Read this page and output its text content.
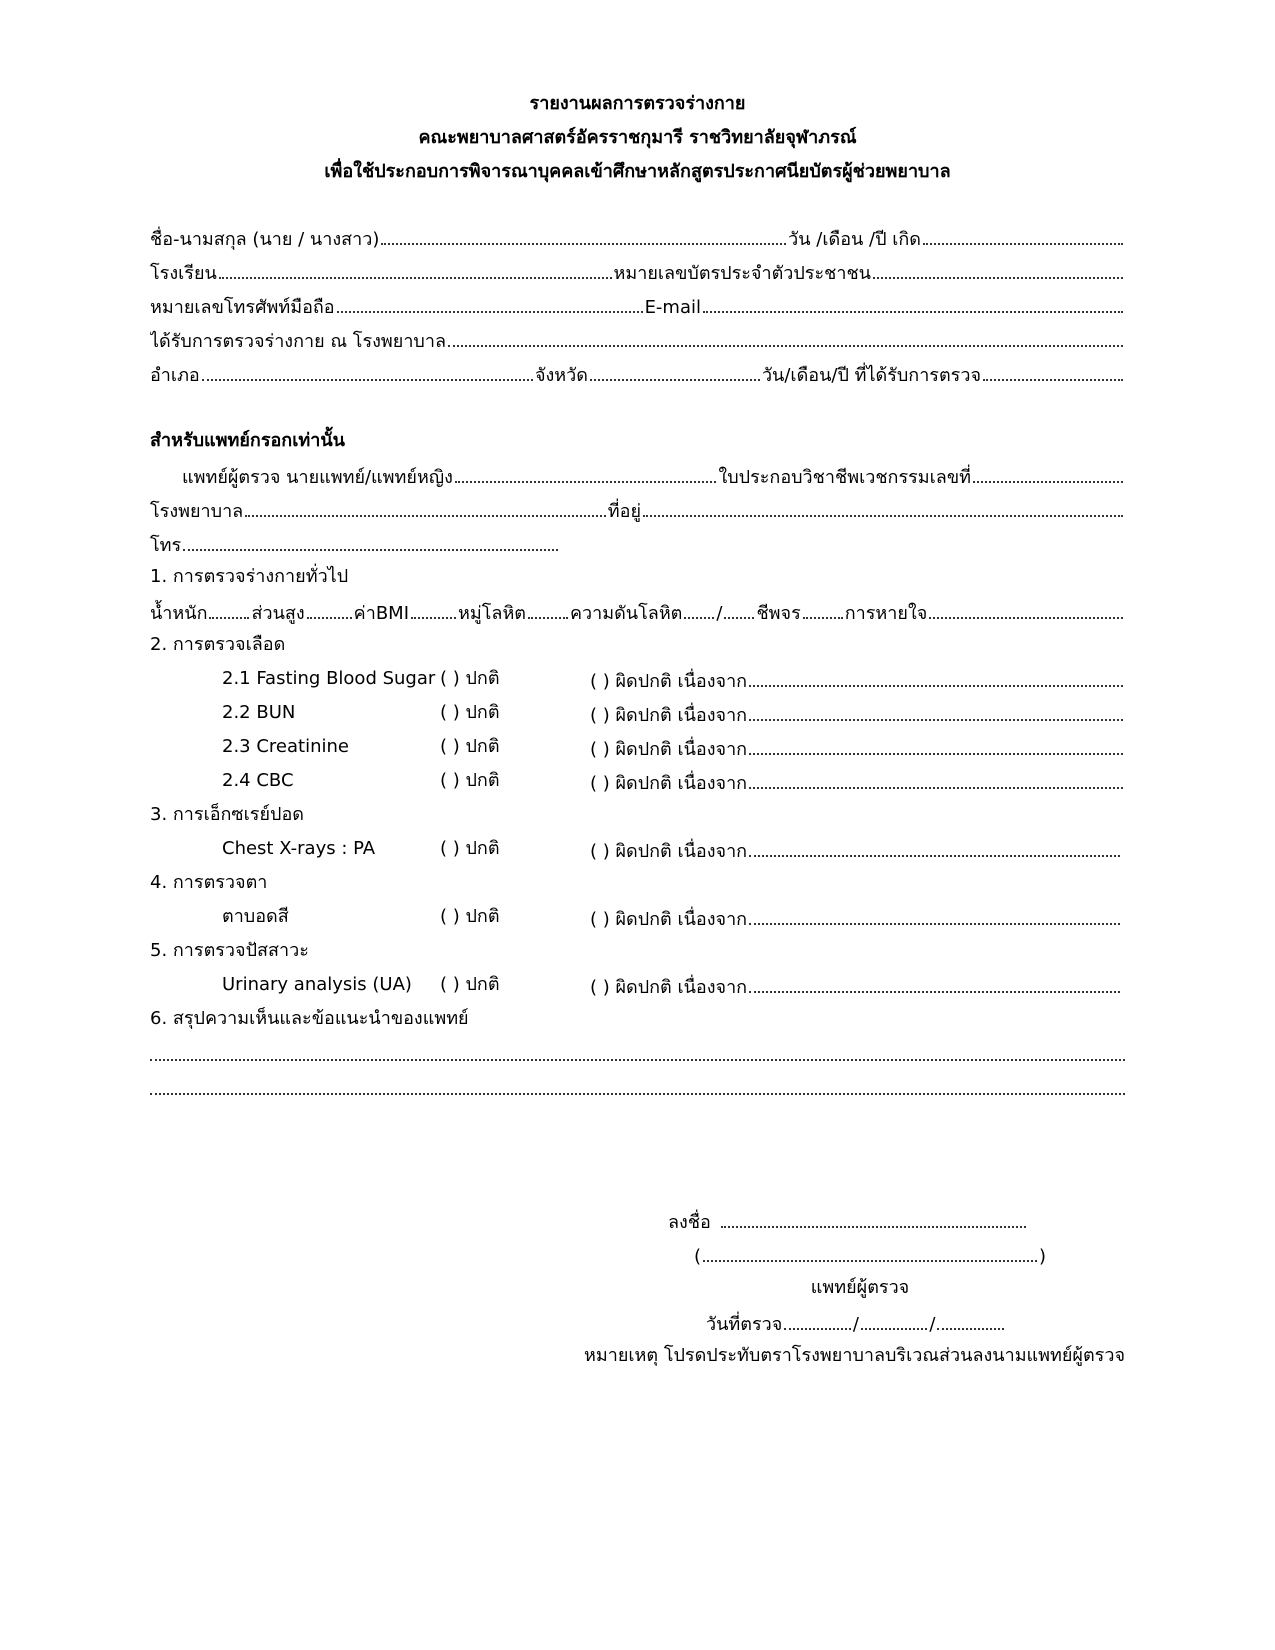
รายงานผลการตรวจร่างกาย
คณะพยาบาลศาสตร์อัครราชกุมารี ราชวิทยาลัยจุฬาภรณ์
เพื่อใช้ประกอบการพิจารณาบุคคลเข้าศึกษาหลักสูตรประกาศนียบัตรผู้ช่วยพยาบาล
ชื่อ-นามสกุล (นาย / นางสาว)	วัน /เดือน /ปี เกิด
โรงเรียน	หมายเลขบัตรประจำตัวประชาชน
หมายเลขโทรศัพท์มือถือ	E-mail
ได้รับการตรวจร่างกาย ณ โรงพยาบาล
อำเภอ	จังหวัด	วัน/เดือน/ปี ที่ได้รับการตรวจ
สำหรับแพทย์กรอกเท่านั้น
แพทย์ผู้ตรวจ นายแพทย์/แพทย์หญิง	ใบประกอบวิชาชีพเวชกรรมเลขที่
โรงพยาบาล	ที่อยู่
โทร
1. การตรวจร่างกายทั่วไป
น้ำหนัก ส่วนสูง	ค่าBMI	หมู่โลหิต ความดันโลหิต / ชีพจร การหายใจ
2. การตรวจเลือด
2.1 Fasting Blood Sugar ( ) ปกติ	( ) ผิดปกติ เนื่องจาก
2.2 BUN	( ) ปกติ	( ) ผิดปกติ เนื่องจาก
2.3 Creatinine	( ) ปกติ	( ) ผิดปกติ เนื่องจาก
2.4 CBC	( ) ปกติ	( ) ผิดปกติ เนื่องจาก
3. การเอ็กซเรย์ปอด
Chest X-rays : PA	( ) ปกติ	( ) ผิดปกติ เนื่องจาก
4. การตรวจตา
ตาบอดสี	( ) ปกติ	( ) ผิดปกติ เนื่องจาก
5. การตรวจปัสสาวะ
Urinary analysis (UA) ( ) ปกติ	( ) ผิดปกติ เนื่องจาก
6. สรุปความเห็นและข้อแนะนำของแพทย์
ลงชื่อ
(	)
แพทย์ผู้ตรวจ
วันที่ตรวจ	/	/
หมายเหตุ โปรดประทับตราโรงพยาบาลบริเวณส่วนลงนามแพทย์ผู้ตรวจ
